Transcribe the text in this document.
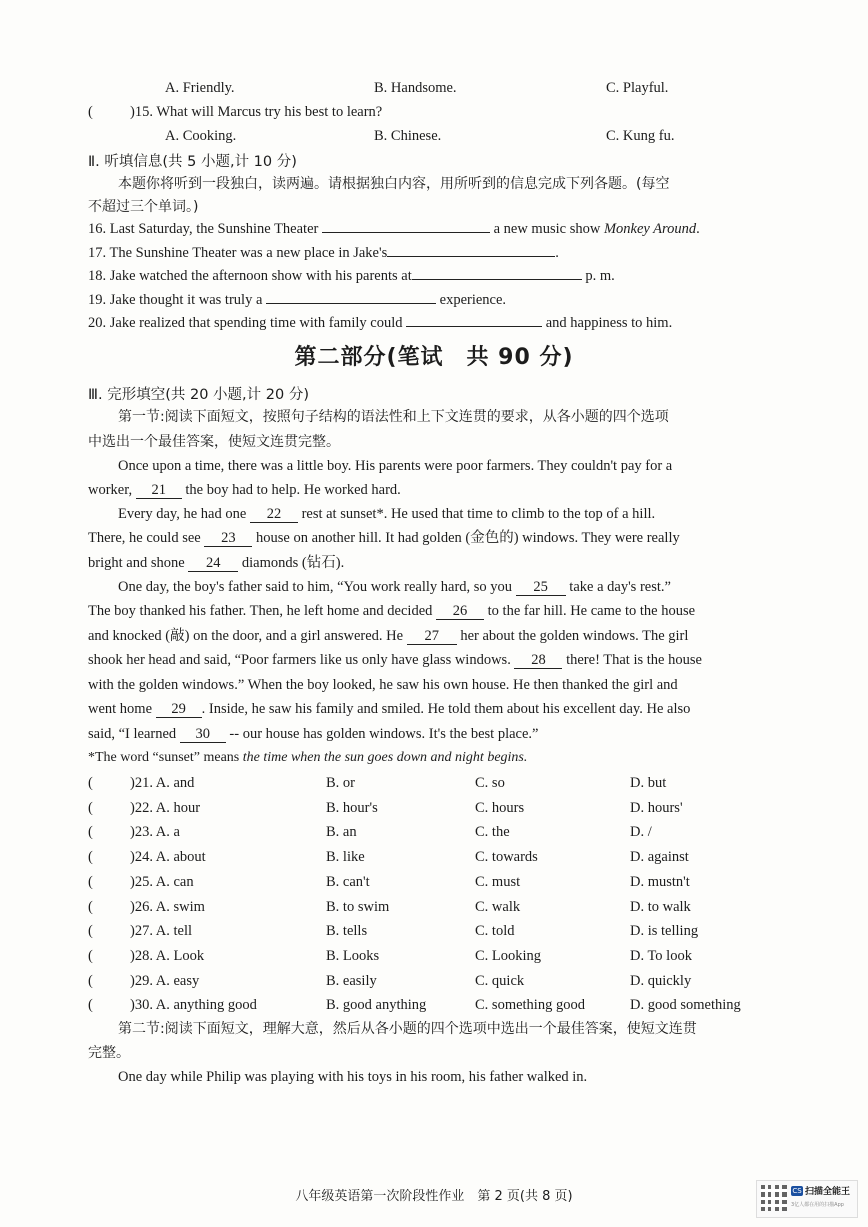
A. Friendly.	B. Handsome.	C. Playful.
(	)15. What will Marcus try his best to learn?
A. Cooking.	B. Chinese.	C. Kung fu.
Ⅱ. 听填信息(共 5 小题,计 10 分)
本题你将听到一段独白，读两遍。请根据独白内容，用所听到的信息完成下列各题。(每空
不超过三个单词。)
16. Last Saturday, the Sunshine Theater	a new music show Monkey Around.
17. The Sunshine Theater was a new place in Jake's	.
18. Jake watched the afternoon show with his parents at	p. m.
19. Jake thought it was truly a	experience.
20. Jake realized that spending time with family could	and happiness to him.
第二部分(笔试　共 90 分)
Ⅲ. 完形填空(共 20 小题,计 20 分)
第一节:阅读下面短文，按照句子结构的语法性和上下文连贯的要求，从各小题的四个选项
中选出一个最佳答案，使短文连贯完整。
Once upon a time, there was a little boy. His parents were poor farmers. They couldn't pay for a
worker, 21 the boy had to help. He worked hard.
Every day, he had one 22 rest at sunset*. He used that time to climb to the top of a hill.
There, he could see 23 house on another hill. It had golden (金色的) windows. They were really
bright and shone 24 diamonds (钻石).
One day, the boy's father said to him, “You work really hard, so you 25 take a day's rest.”
The boy thanked his father. Then, he left home and decided 26 to the far hill. He came to the house
and knocked (敲) on the door, and a girl answered. He 27 her about the golden windows. The girl
shook her head and said, “Poor farmers like us only have glass windows. 28 there! That is the house
with the golden windows.” When the boy looked, he saw his own house. He then thanked the girl and
went home 29 . Inside, he saw his family and smiled. He told them about his excellent day. He also
said, “I learned 30 -- our house has golden windows. It's the best place.”
*The word “sunset” means the time when the sun goes down and night begins.
(	)21. A. and	B. or	C. so	D. but
(	)22. A. hour	B. hour's	C. hours	D. hours'
(	)23. A. a	B. an	C. the	D. /
(	)24. A. about	B. like	C. towards	D. against
(	)25. A. can	B. can't	C. must	D. mustn't
(	)26. A. swim	B. to swim	C. walk	D. to walk
(	)27. A. tell	B. tells	C. told	D. is telling
(	)28. A. Look	B. Looks	C. Looking	D. To look
(	)29. A. easy	B. easily	C. quick	D. quickly
(	)30. A. anything good	B. good anything	C. something good	D. good something
第二节:阅读下面短文，理解大意，然后从各小题的四个选项中选出一个最佳答案，使短文连贯
完整。
One day while Philip was playing with his toys in his room, his father walked in.
八年级英语第一次阶段性作业　第 2 页(共 8 页)	CS 扫描全能王
3亿人都在用的扫描App
